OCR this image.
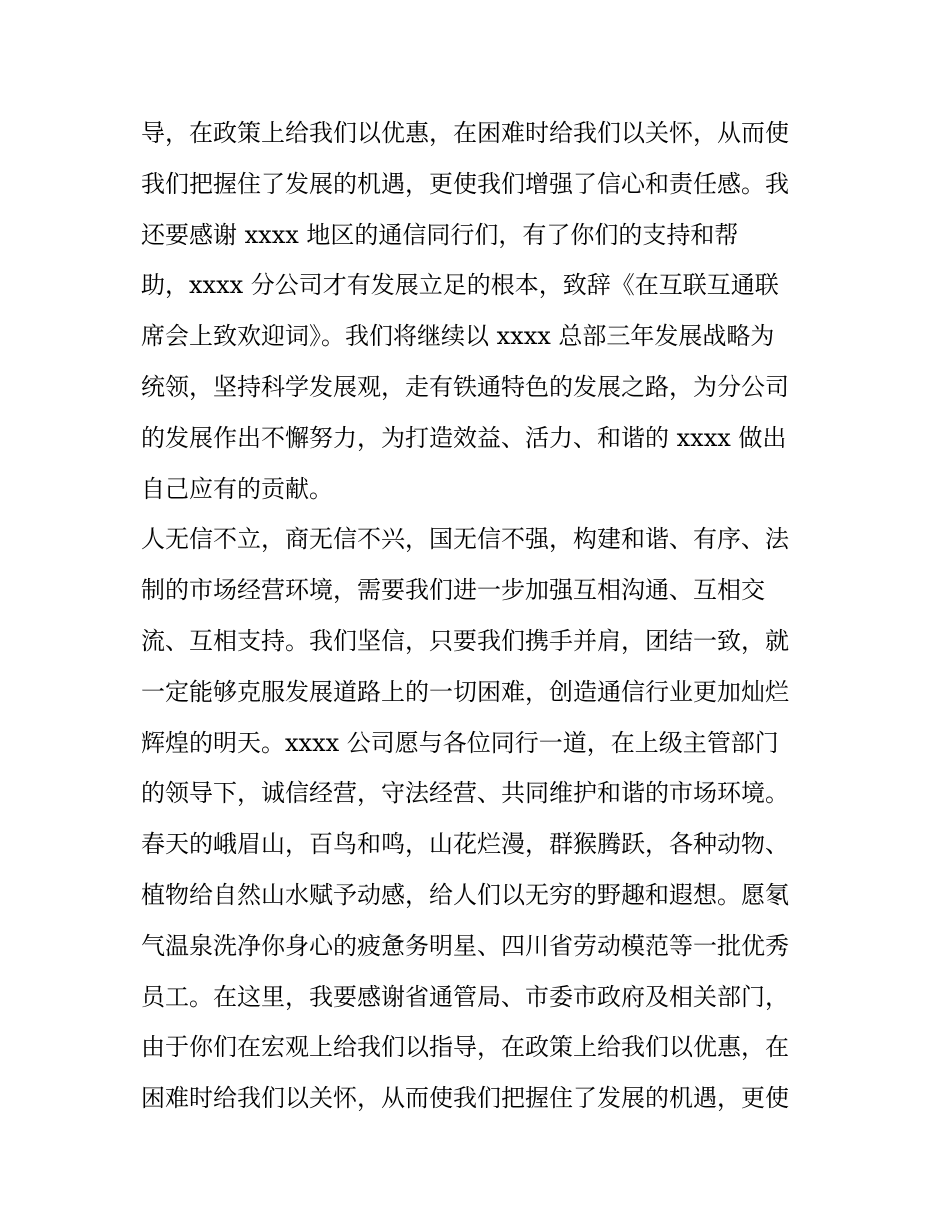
导，在政策上给我们以优惠，在困难时给我们以关怀，从而使
我们把握住了发展的机遇，更使我们增强了信心和责任感。我
还要感谢 xxxx 地区的通信同行们，有了你们的支持和帮
助，xxxx 分公司才有发展立足的根本，致辞《在互联互通联
席会上致欢迎词》。我们将继续以 xxxx 总部三年发展战略为
统领，坚持科学发展观，走有铁通特色的发展之路，为分公司
的发展作出不懈努力，为打造效益、活力、和谐的 xxxx 做出
自己应有的贡献。
人无信不立，商无信不兴，国无信不强，构建和谐、有序、法
制的市场经营环境，需要我们进一步加强互相沟通、互相交
流、互相支持。我们坚信，只要我们携手并肩，团结一致，就
一定能够克服发展道路上的一切困难，创造通信行业更加灿烂
辉煌的明天。xxxx 公司愿与各位同行一道，在上级主管部门
的领导下，诚信经营，守法经营、共同维护和谐的市场环境。
春天的峨眉山，百鸟和鸣，山花烂漫，群猴腾跃，各种动物、
植物给自然山水赋予动感，给人们以无穷的野趣和遐想。愿氡
气温泉洗净你身心的疲惫务明星、四川省劳动模范等一批优秀
员工。在这里，我要感谢省通管局、市委市政府及相关部门，
由于你们在宏观上给我们以指导，在政策上给我们以优惠，在
困难时给我们以关怀，从而使我们把握住了发展的机遇，更使
